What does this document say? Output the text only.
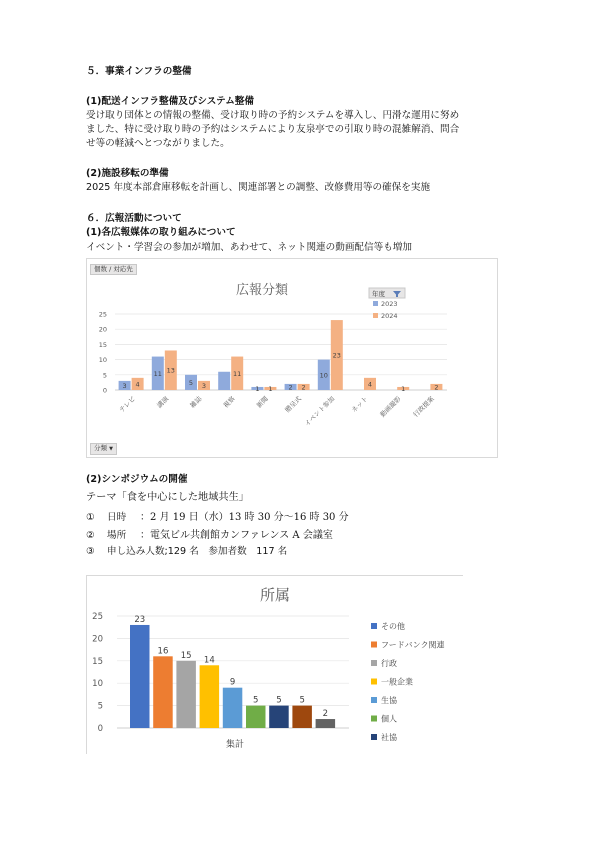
５．事業インフラの整備
(1)配送インフラ整備及びシステム整備
受け取り団体との情報の整備、受け取り時の予約システムを導入し、円滑な運用に努め
ました、特に受け取り時の予約はシステムにより友泉亭での引取り時の混雑解消、問合
せ等の軽減へとつながりました。
(2)施設移転の準備
2025 年度本部倉庫移転を計画し、関連部署との調整、改修費用等の確保を実施
６．広報活動について
(1)各広報媒体の取り組みについて
イベント・学習会の参加が増加、あわせて、ネット関連の動画配信等も増加
個数 / 対応先
分類 ▼
広報分類
3 4
11 13
5 3
11
1 1 2 2
10
23
4
1	2
テレビ	講演	雑誌	視察	新聞 贈呈式 イベント参加 ネット 動画撮影 行政提案
0
5
10
15
20
25
年度
2023
2024
(2)シンポジウムの開催
テーマ「食を中心にした地域共生」
① 日時 ：2 月 19 日（水）13 時 30 分～16 時 30 分
② 場所 ：電気ビル共創館カンファレンス A 会議室
③ 申し込み人数;129 名　参加者数　117 名
所属
23
16 15 14
9
5 5 5
2
0
5
10
15
20
25
集計
その他
フードバンク関連
行政
一般企業
生協
個人
社協
